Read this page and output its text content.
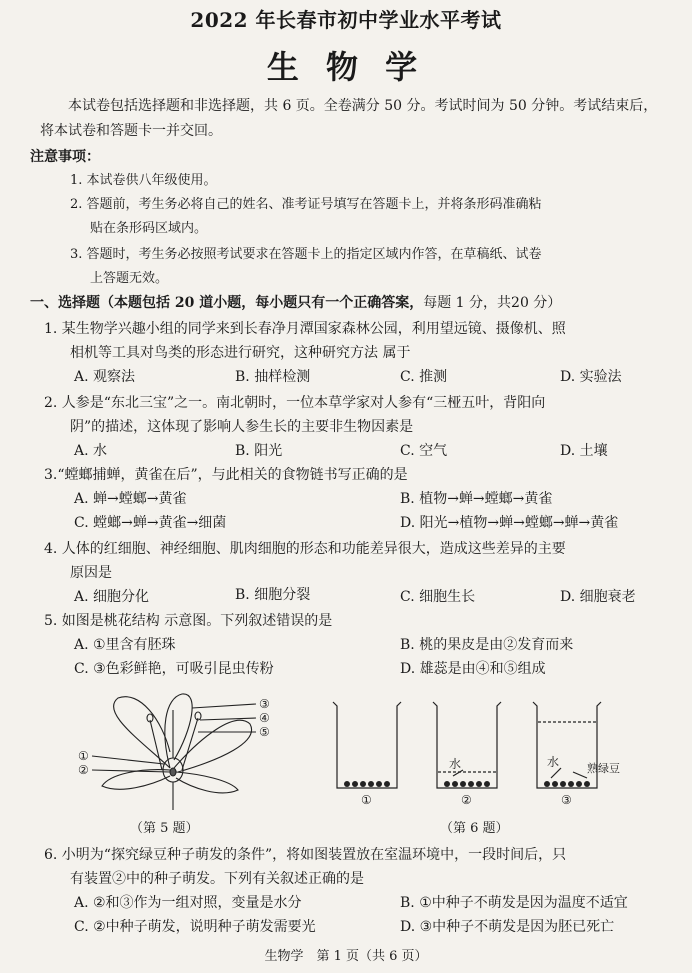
2022 年长春市初中学业水平考试
生 物 学
本试卷包括选择题和非选择题，共 6 页。全卷满分 50 分。考试时间为 50 分钟。考试结束后，将本试卷和答题卡一并交回。
注意事项：
1. 本试卷供八年级使用。
2. 答题前，考生务必将自己的姓名、准考证号填写在答题卡上，并将条形码准确粘
贴在条形码区域内。
3. 答题时，考生务必按照考试要求在答题卡上的指定区域内作答，在草稿纸、试卷
上答题无效。
一、选择题（本题包括 20 道小题，每小题只有一个正确答案，每题 1 分，共20 分）
1. 某生物学兴趣小组的同学来到长春净月潭国家森林公园，利用望远镜、摄像机、照
相机等工具对鸟类的形态进行研究，这种研究方法 属于
A. 观察法	B. 抽样检测	C. 推测	D. 实验法
2. 人参是“东北三宝”之一。南北朝时，一位本草学家对人参有“三桠五叶，背阳向
阴”的描述，这体现了影响人参生长的主要非生物因素是
A. 水	B. 阳光	C. 空气	D. 土壤
3.“螳螂捕蝉，黄雀在后”，与此相关的食物链书写正确的是
A. 蝉→螳螂→黄雀	B. 植物→蝉→螳螂→黄雀
C. 螳螂→蝉→黄雀→细菌	D. 阳光→植物→蝉→螳螂→蝉→黄雀
4. 人体的红细胞、神经细胞、肌肉细胞的形态和功能差异很大，造成这些差异的主要
原因是
A. 细胞分化	B. 细胞分裂	C. 细胞生长	D. 细胞衰老
5. 如图是桃花结构 示意图。下列叙述错误的是
A. ①里含有胚珠	B. 桃的果皮是由②发育而来
C. ③色彩鲜艳，可吸引昆虫传粉	D. 雄蕊是由④和⑤组成
③
④
⑤
①
②	水	水	熟绿豆
①	②	③
（第 5 题）	（第 6 题）
6. 小明为“探究绿豆种子萌发的条件”，将如图装置放在室温环境中，一段时间后，只
有装置②中的种子萌发。下列有关叙述正确的是
A. ②和③作为一组对照，变量是水分	B. ①中种子不萌发是因为温度不适宜
C. ②中种子萌发，说明种子萌发需要光	D. ③中种子不萌发是因为胚已死亡
生物学　第 1 页（共 6 页）
